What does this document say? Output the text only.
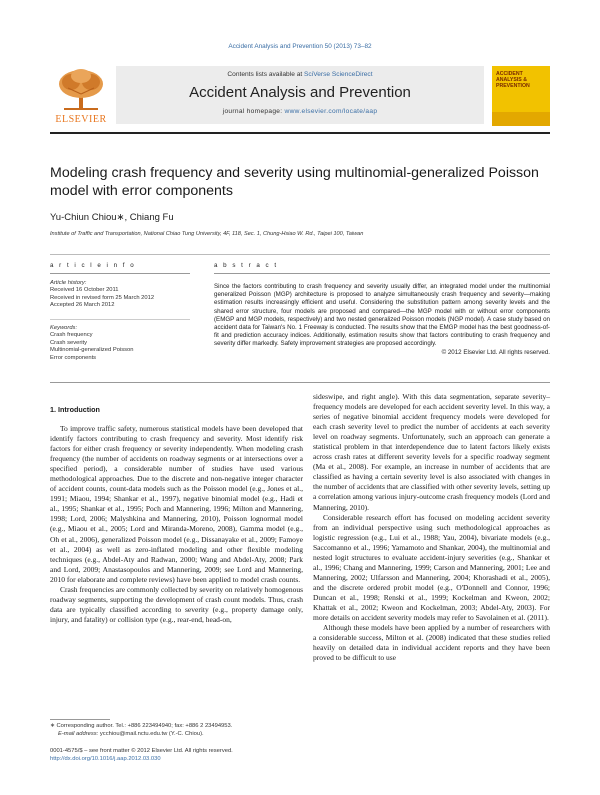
Accident Analysis and Prevention 50 (2013) 73–82
ELSEVIER
Contents lists available at SciVerse ScienceDirect
Accident Analysis and Prevention
journal homepage: www.elsevier.com/locate/aap
ACCIDENT ANALYSIS & PREVENTION
Modeling crash frequency and severity using multinomial-generalized Poisson model with error components
Yu-Chiun Chiou∗, Chiang Fu
Institute of Traffic and Transportation, National Chiao Tung University, 4F, 118, Sec. 1, Chung-Hsiao W. Rd., Taipei 100, Taiwan
a r t i c l e i n f o
Article history:
Received 16 October 2011
Received in revised form 25 March 2012
Accepted 26 March 2012
Keywords:
Crash frequency
Crash severity
Multinomial-generalized Poisson
Error components
a b s t r a c t
Since the factors contributing to crash frequency and severity usually differ, an integrated model under the multinomial generalized Poisson (MGP) architecture is proposed to analyze simultaneously crash frequency and severity—making estimation results increasingly efficient and useful. Considering the substitution pattern among severity levels and the shared error structure, four models are proposed and compared—the MGP model with or without error components (EMGP and MGP models, respectively) and two nested generalized Poisson models (NGP model). A case study based on accident data for Taiwan's No. 1 Freeway is conducted. The results show that the EMGP model has the best goodness-of-fit and prediction accuracy indices. Additionally, estimation results show that factors contributing to crash frequency and severity differ markedly. Safety improvement strategies are proposed accordingly.
© 2012 Elsevier Ltd. All rights reserved.
1. Introduction

To improve traffic safety, numerous statistical models have been developed that identify factors contributing to crash frequency and severity. Most identify risk factors for either crash frequency or severity independently. When modeling crash frequency (the number of accidents on roadway segments or at intersections over a specified period), a considerable number of studies have used various methodological approaches. Due to the discrete and non-negative integer character of accident counts, count-data models such as the Poisson model (e.g., Jones et al., 1991; Miaou, 1994; Shankar et al., 1997), negative binomial model (e.g., Hadi et al., 1995; Shankar et al., 1995; Poch and Mannering, 1996; Milton and Mannering, 1998; Lord, 2006; Malyshkina and Mannering, 2010), Poisson lognormal model (e.g., Miaou et al., 2005; Lord and Miranda-Moreno, 2008), Gamma model (e.g., Oh et al., 2006), generalized Poisson model (e.g., Dissanayake et al., 2009; Famoye et al., 2004) as well as zero-inflated modeling and other flexible modeling techniques (e.g., Abdel-Aty and Radwan, 2000; Wang and Abdel-Aty, 2008; Park and Lord, 2009; Anastasopoulos and Mannering, 2009; see Lord and Mannering, 2010 for elaborate and complete reviews) have been applied to model crash counts.

Crash frequencies are commonly collected by severity on relatively homogenous roadway segments, supporting the development of crash count models. Thus, crash data are typically classified according to severity (e.g., property damage only, injury, and fatality) or collision type (e.g., rear-end, head-on,

sideswipe, and right angle). With this data segmentation, separate severity–frequency models are developed for each accident severity level. In this way, a series of negative binomial accident frequency models were developed for each crash severity level to predict the number of accidents at each severity level on roadway segments. Unfortunately, such an approach can generate a statistical problem in that interdependence due to latent factors likely exists across crash rates at different severity levels for a specific roadway segment (Ma et al., 2008). For example, an increase in number of accidents that are classified as having a certain severity level is also associated with changes in the number of accidents that are classified with other severity levels, setting up a correlation among various injury-outcome crash frequency models (Lord and Mannering, 2010).

Considerable research effort has focused on modeling accident severity from an individual perspective using such methodological approaches as logistic regression (e.g., Lui et al., 1988; Yau, 2004), bivariate models (e.g., Saccomanno et al., 1996; Yamamoto and Shankar, 2004), the multinomial and nested logit structures to evaluate accident-injury severities (e.g., Shankar et al., 1996; Chang and Mannering, 1999; Carson and Mannering, 2001; Lee and Mannering, 2002; Ulfarsson and Mannering, 2004; Khorashadi et al., 2005), and the discrete ordered probit model (e.g., O'Donnell and Connor, 1996; Duncan et al., 1998; Renski et al., 1999; Kockelman and Kweon, 2002; Khattak et al., 2002; Kweon and Kockelman, 2003; Abdel-Aty, 2003). For more details on accident severity models may refer to Savolainen et al. (2011).

Although these models have been applied by a number of researchers with a considerable success, Milton et al. (2008) indicated that these studies relied heavily on detailed data in individual accident reports and they have been proved to be difficult to use

∗ Corresponding author. Tel.: +886 223494940; fax: +886 2 23494953.
E-mail address: ycchiou@mail.nctu.edu.tw (Y.-C. Chiou).
0001-4575/$ – see front matter © 2012 Elsevier Ltd. All rights reserved.
http://dx.doi.org/10.1016/j.aap.2012.03.030
